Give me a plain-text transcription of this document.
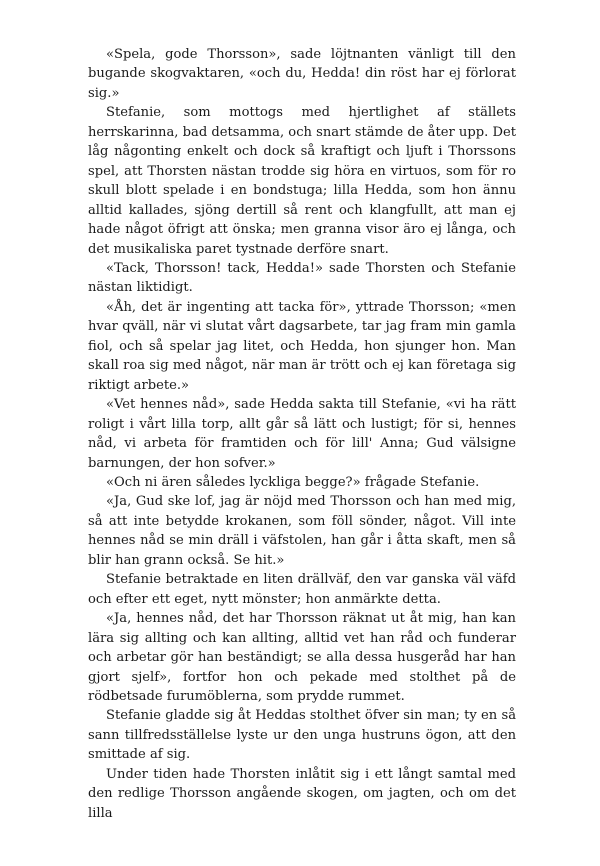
«Spela, gode Thorsson», sade löjtnanten vänligt till den bugande skogvaktaren, «och du, Hedda! din röst har ej förlorat sig.»

Stefanie, som mottogs med hjertlighet af ställets herrskarinna, bad detsamma, och snart stämde de åter upp. Det låg någonting enkelt och dock så kraftigt och ljuft i Thorssons spel, att Thorsten nästan trodde sig höra en virtuos, som för ro skull blott spelade i en bondstuga; lilla Hedda, som hon ännu alltid kallades, sjöng dertill så rent och klangfullt, att man ej hade något öfrigt att önska; men granna visor äro ej långa, och det musikaliska paret tystnade derföre snart.

«Tack, Thorsson! tack, Hedda!» sade Thorsten och Stefanie nästan liktidigt.

«Åh, det är ingenting att tacka för», yttrade Thorsson; «men hvar qväll, när vi slutat vårt dagsarbete, tar jag fram min gamla fiol, och så spelar jag litet, och Hedda, hon sjunger hon. Man skall roa sig med något, när man är trött och ej kan företaga sig riktigt arbete.»

«Vet hennes nåd», sade Hedda sakta till Stefanie, «vi ha rätt roligt i vårt lilla torp, allt går så lätt och lustigt; för si, hennes nåd, vi arbeta för framtiden och för lill' Anna; Gud välsigne barnungen, der hon sofver.»

«Och ni ären således lyckliga begge?» frågade Stefanie.

«Ja, Gud ske lof, jag är nöjd med Thorsson och han med mig, så att inte betydde krokanen, som föll sönder, något. Vill inte hennes nåd se min dräll i väfstolen, han går i åtta skaft, men så blir han grann också. Se hit.»

Stefanie betraktade en liten drällväf, den var ganska väl väfd och efter ett eget, nytt mönster; hon anmärkte detta.

«Ja, hennes nåd, det har Thorsson räknat ut åt mig, han kan lära sig allting och kan allting, alltid vet han råd och funderar och arbetar gör han beständigt; se alla dessa husgeråd har han gjort sjelf», fortfor hon och pekade med stolthet på de rödbetsade furumöblerna, som prydde rummet.

Stefanie gladde sig åt Heddas stolthet öfver sin man; ty en så sann tillfredsställelse lyste ur den unga hustruns ögon, att den smittade af sig.

Under tiden hade Thorsten inlåtit sig i ett långt samtal med den redlige Thorsson angående skogen, om jagten, och om det lilla
